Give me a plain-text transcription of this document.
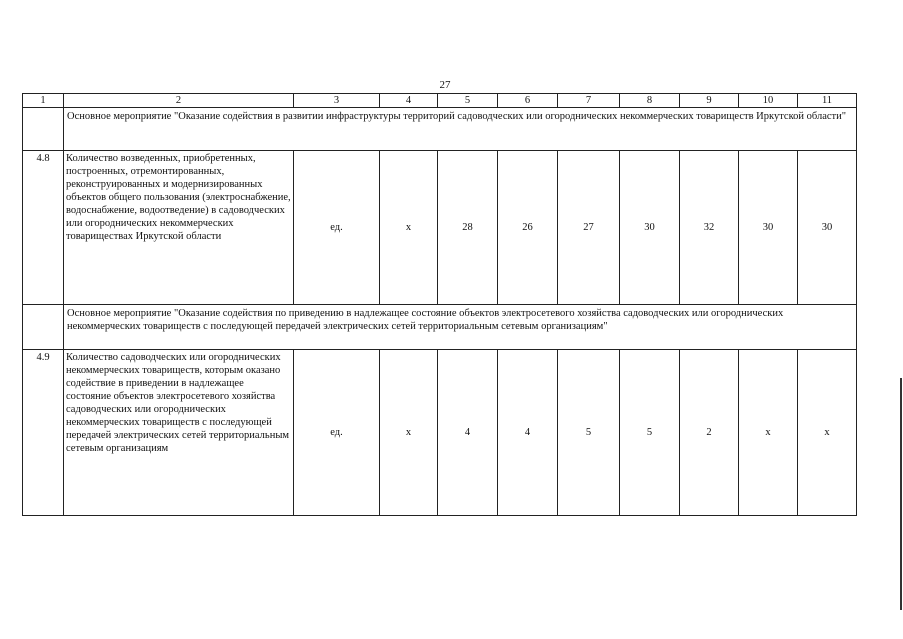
27
1	2	3	4	5	6	7	8	9	10	11
	Основное мероприятие "Оказание содействия в развитии инфраструктуры территорий садоводческих или огороднических некоммерческих товариществ Иркутской области"									
4.8	Количество возведенных, приобретенных, построенных, отремонтированных, реконструированных и модернизированных объектов общего пользования (электроснабжение, водоснабжение, водоотведение) в садоводческих или огороднических некоммерческих товариществах Иркутской области	ед.	х	28	26	27	30	32	30	30
	Основное мероприятие "Оказание содействия по приведению в надлежащее состояние объектов электросетевого хозяйства садоводческих или огороднических некоммерческих товариществ с последующей передачей электрических сетей территориальным сетевым организациям"									
4.9	Количество садоводческих или огороднических некоммерческих товариществ, которым оказано содействие в приведении в надлежащее состояние объектов электросетевого хозяйства садоводческих или огороднических некоммерческих товариществ с последующей передачей электрических сетей территориальным сетевым организациям	ед.	х	4	4	5	5	2	х	х
